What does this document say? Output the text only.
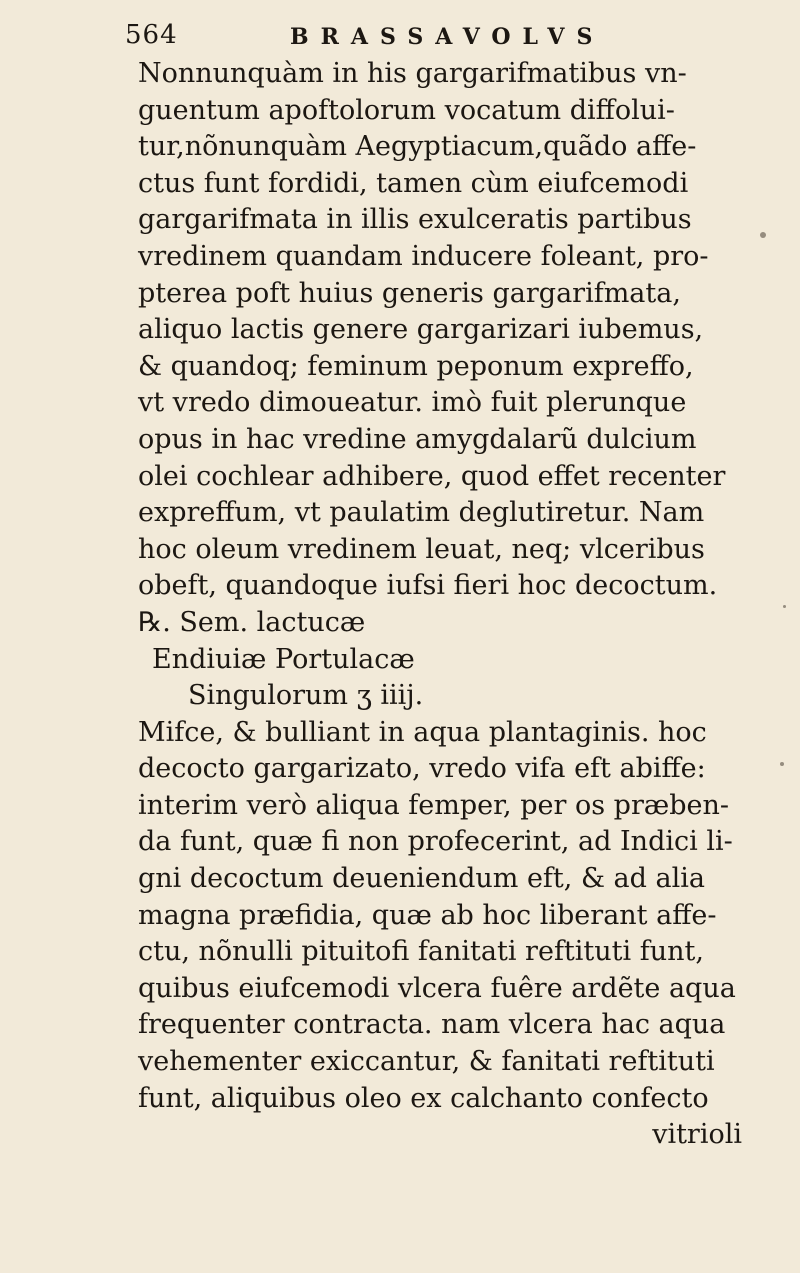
564	BRASSAVOLVS
Nonnunquàm in his gargarifmatibus vn-
guentum apoftolorum vocatum diffolui-
tur,nõnunquàm Aegyptiacum,quãdo affe-
ctus funt fordidi, tamen cùm eiufcemodi
gargarifmata in illis exulceratis partibus
vredinem quandam inducere foleant, pro-
pterea poft huius generis gargarifmata,
aliquo lactis genere gargarizari iubemus,
& quandoq; feminum peponum expreffo,
vt vredo dimoueatur. imò fuit plerunque
opus in hac vredine amygdalarũ dulcium
olei cochlear adhibere, quod effet recenter
expreffum, vt paulatim deglutiretur. Nam
hoc oleum vredinem leuat, neq; vlceribus
obeft, quandoque iufsi fieri hoc decoctum.
℞. Sem. lactucæ
Endiuiæ Portulacæ
Singulorum ʒ iiij.
Mifce, & bulliant in aqua plantaginis. hoc
decocto gargarizato, vredo vifa eft abiffe:
interim verò aliqua femper, per os præben-
da funt, quæ fi non profecerint, ad Indici li-
gni decoctum deueniendum eft, & ad alia
magna præfidia, quæ ab hoc liberant affe-
ctu, nõnulli pituitofi fanitati reftituti funt,
quibus eiufcemodi vlcera fuêre ardẽte aqua
frequenter contracta. nam vlcera hac aqua
vehementer exiccantur, & fanitati reftituti
funt, aliquibus oleo ex calchanto confecto
vitrioli
